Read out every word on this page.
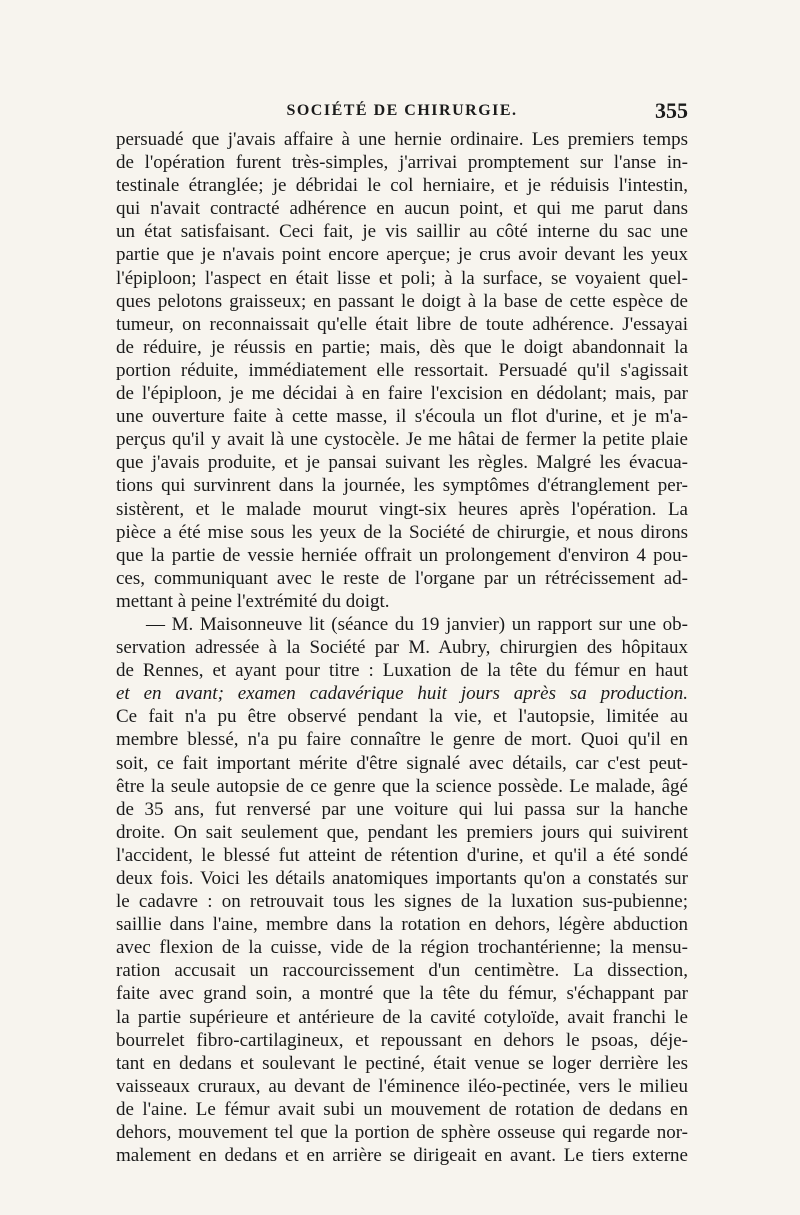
SOCIÉTÉ DE CHIRURGIE.	355
persuadé que j'avais affaire à une hernie ordinaire. Les premiers temps
de l'opération furent très-simples, j'arrivai promptement sur l'anse in-
testinale étranglée; je débridai le col herniaire, et je réduisis l'intestin,
qui n'avait contracté adhérence en aucun point, et qui me parut dans
un état satisfaisant. Ceci fait, je vis saillir au côté interne du sac une
partie que je n'avais point encore aperçue; je crus avoir devant les yeux
l'épiploon; l'aspect en était lisse et poli; à la surface, se voyaient quel-
ques pelotons graisseux; en passant le doigt à la base de cette espèce de
tumeur, on reconnaissait qu'elle était libre de toute adhérence. J'essayai
de réduire, je réussis en partie; mais, dès que le doigt abandonnait la
portion réduite, immédiatement elle ressortait. Persuadé qu'il s'agissait
de l'épiploon, je me décidai à en faire l'excision en dédolant; mais, par
une ouverture faite à cette masse, il s'écoula un flot d'urine, et je m'a-
perçus qu'il y avait là une cystocèle. Je me hâtai de fermer la petite plaie
que j'avais produite, et je pansai suivant les règles. Malgré les évacua-
tions qui survinrent dans la journée, les symptômes d'étranglement per-
sistèrent, et le malade mourut vingt-six heures après l'opération. La
pièce a été mise sous les yeux de la Société de chirurgie, et nous dirons
que la partie de vessie herniée offrait un prolongement d'environ 4 pou-
ces, communiquant avec le reste de l'organe par un rétrécissement ad-
mettant à peine l'extrémité du doigt.
— M. Maisonneuve lit (séance du 19 janvier) un rapport sur une ob-
servation adressée à la Société par M. Aubry, chirurgien des hôpitaux
de Rennes, et ayant pour titre : Luxation de la tête du fémur en haut
et en avant; examen cadavérique huit jours après sa production.
Ce fait n'a pu être observé pendant la vie, et l'autopsie, limitée au
membre blessé, n'a pu faire connaître le genre de mort. Quoi qu'il en
soit, ce fait important mérite d'être signalé avec détails, car c'est peut-
être la seule autopsie de ce genre que la science possède. Le malade, âgé
de 35 ans, fut renversé par une voiture qui lui passa sur la hanche
droite. On sait seulement que, pendant les premiers jours qui suivirent
l'accident, le blessé fut atteint de rétention d'urine, et qu'il a été sondé
deux fois. Voici les détails anatomiques importants qu'on a constatés sur
le cadavre : on retrouvait tous les signes de la luxation sus-pubienne;
saillie dans l'aine, membre dans la rotation en dehors, légère abduction
avec flexion de la cuisse, vide de la région trochantérienne; la mensu-
ration accusait un raccourcissement d'un centimètre. La dissection,
faite avec grand soin, a montré que la tête du fémur, s'échappant par
la partie supérieure et antérieure de la cavité cotyloïde, avait franchi le
bourrelet fibro-cartilagineux, et repoussant en dehors le psoas, déje-
tant en dedans et soulevant le pectiné, était venue se loger derrière les
vaisseaux cruraux, au devant de l'éminence iléo-pectinée, vers le milieu
de l'aine. Le fémur avait subi un mouvement de rotation de dedans en
dehors, mouvement tel que la portion de sphère osseuse qui regarde nor-
malement en dedans et en arrière se dirigeait en avant. Le tiers externe
